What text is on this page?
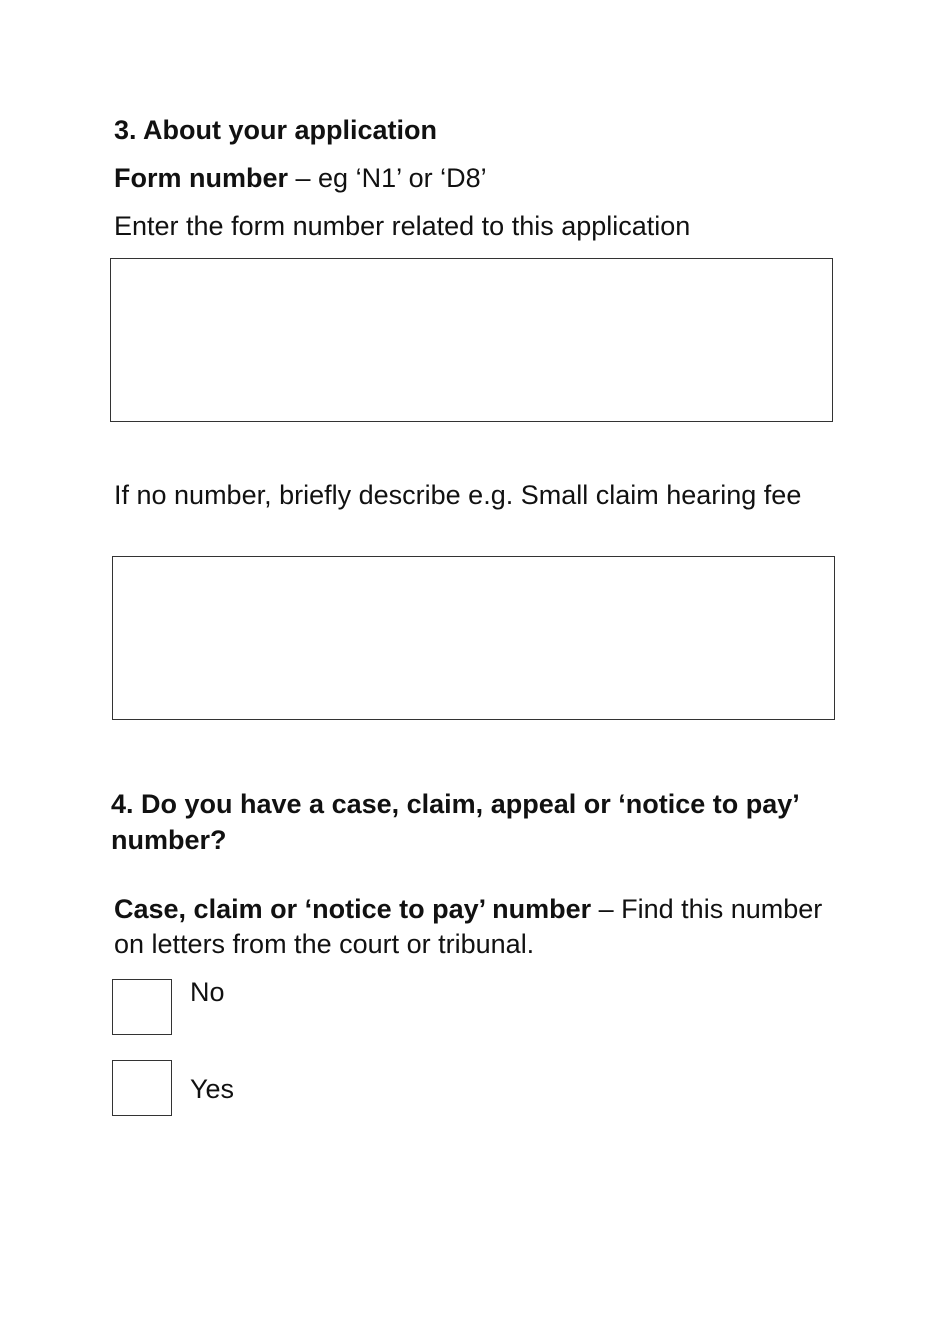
3. About your application

Form number – eg ‘N1’ or ‘D8’

Enter the form number related to this application

If no number, briefly describe e.g. Small claim hearing fee

4. Do you have a case, claim, appeal or ‘notice to pay’ number?

Case, claim or ‘notice to pay’ number – Find this number on letters from the court or tribunal.

No
Yes
